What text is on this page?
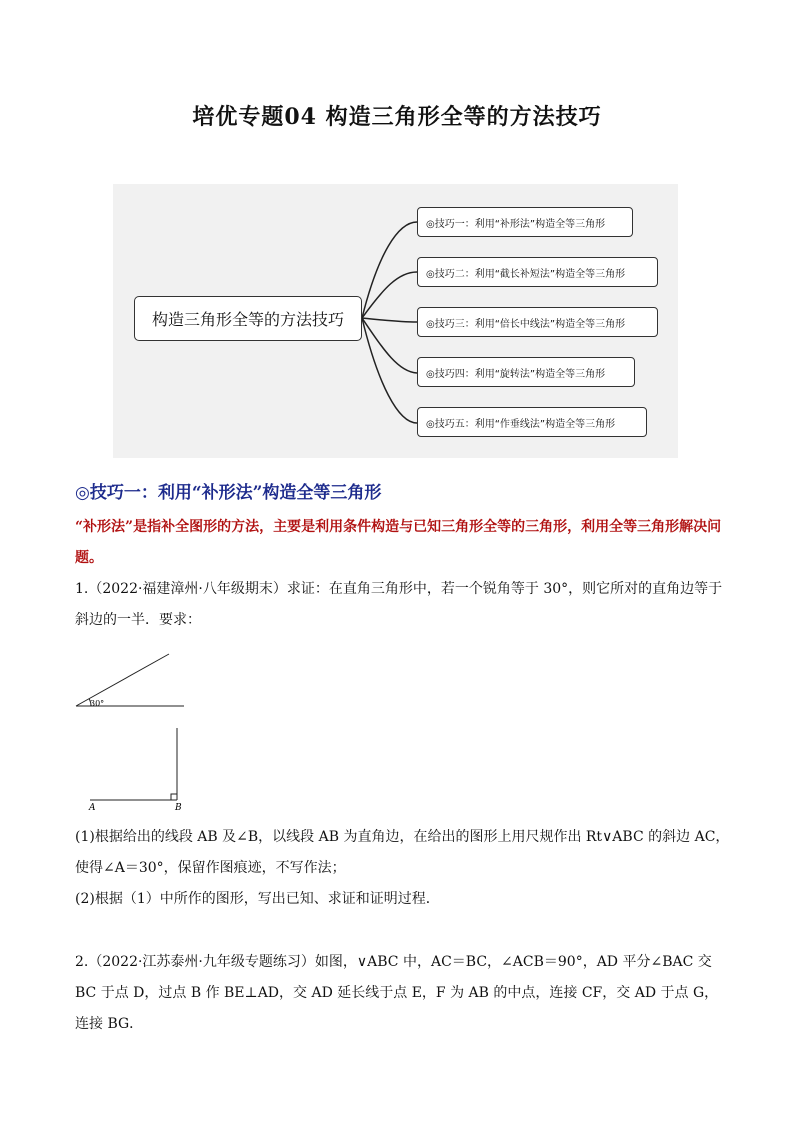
培优专题04 构造三角形全等的方法技巧
构造三角形全等的方法技巧
◎技巧一：利用“补形法”构造全等三角形
◎技巧二：利用“截长补短法”构造全等三角形
◎技巧三：利用“倍长中线法”构造全等三角形
◎技巧四：利用“旋转法”构造全等三角形
◎技巧五：利用“作垂线法”构造全等三角形
◎技巧一：利用“补形法”构造全等三角形
“补形法”是指补全图形的方法，主要是利用条件构造与已知三角形全等的三角形，利用全等三角形解决问题。
1.（2022·福建漳州·八年级期末）求证：在直角三角形中，若一个锐角等于 30°，则它所对的直角边等于斜边的一半．要求：
30°
A	B
(1)根据给出的线段 AB 及∠B，以线段 AB 为直角边，在给出的图形上用尺规作出 Rt∨ABC 的斜边 AC，使得∠A＝30°，保留作图痕迹，不写作法；
(2)根据（1）中所作的图形，写出已知、求证和证明过程．
2.（2022·江苏泰州·九年级专题练习）如图，∨ABC 中，AC＝BC，∠ACB＝90°，AD 平分∠BAC 交 BC 于点 D，过点 B 作 BE⊥AD，交 AD 延长线于点 E，F 为 AB 的中点，连接 CF，交 AD 于点 G，连接 BG．
